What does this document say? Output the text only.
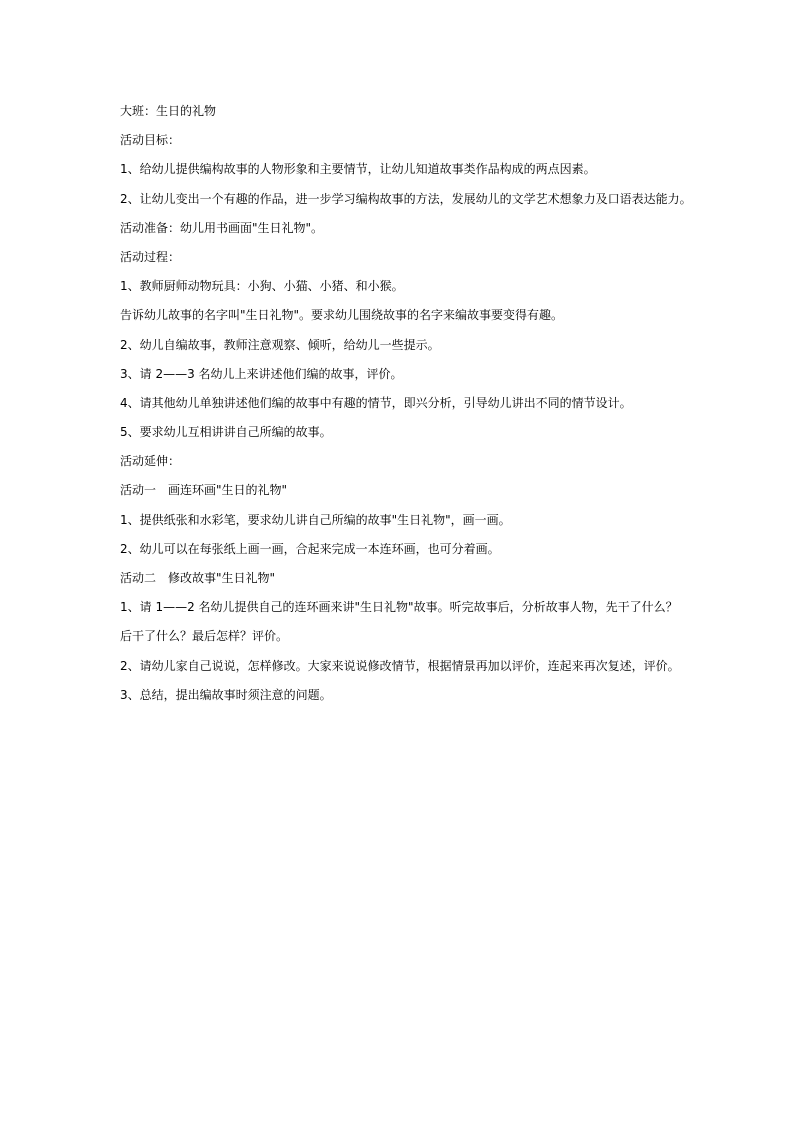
大班：生日的礼物
活动目标：
1、给幼儿提供编构故事的人物形象和主要情节，让幼儿知道故事类作品构成的两点因素。
2、让幼儿变出一个有趣的作品，进一步学习编构故事的方法，发展幼儿的文学艺术想象力及口语表达能力。
活动准备：幼儿用书画面"生日礼物"。
活动过程：
1、教师厨师动物玩具：小狗、小猫、小猪、和小猴。
告诉幼儿故事的名字叫"生日礼物"。要求幼儿围绕故事的名字来编故事要变得有趣。
2、幼儿自编故事，教师注意观察、倾听，给幼儿一些提示。
3、请 2——3 名幼儿上来讲述他们编的故事，评价。
4、请其他幼儿单独讲述他们编的故事中有趣的情节，即兴分析，引导幼儿讲出不同的情节设计。
5、要求幼儿互相讲讲自己所编的故事。
活动延伸：
活动一　画连环画"生日的礼物"
1、提供纸张和水彩笔，要求幼儿讲自己所编的故事"生日礼物"，画一画。
2、幼儿可以在每张纸上画一画，合起来完成一本连环画，也可分着画。
活动二　修改故事"生日礼物"
1、请 1——2 名幼儿提供自己的连环画来讲"生日礼物"故事。听完故事后，分析故事人物，先干了什么？
后干了什么？最后怎样？评价。
2、请幼儿家自己说说，怎样修改。大家来说说修改情节，根据情景再加以评价，连起来再次复述，评价。
3、总结，提出编故事时须注意的问题。
